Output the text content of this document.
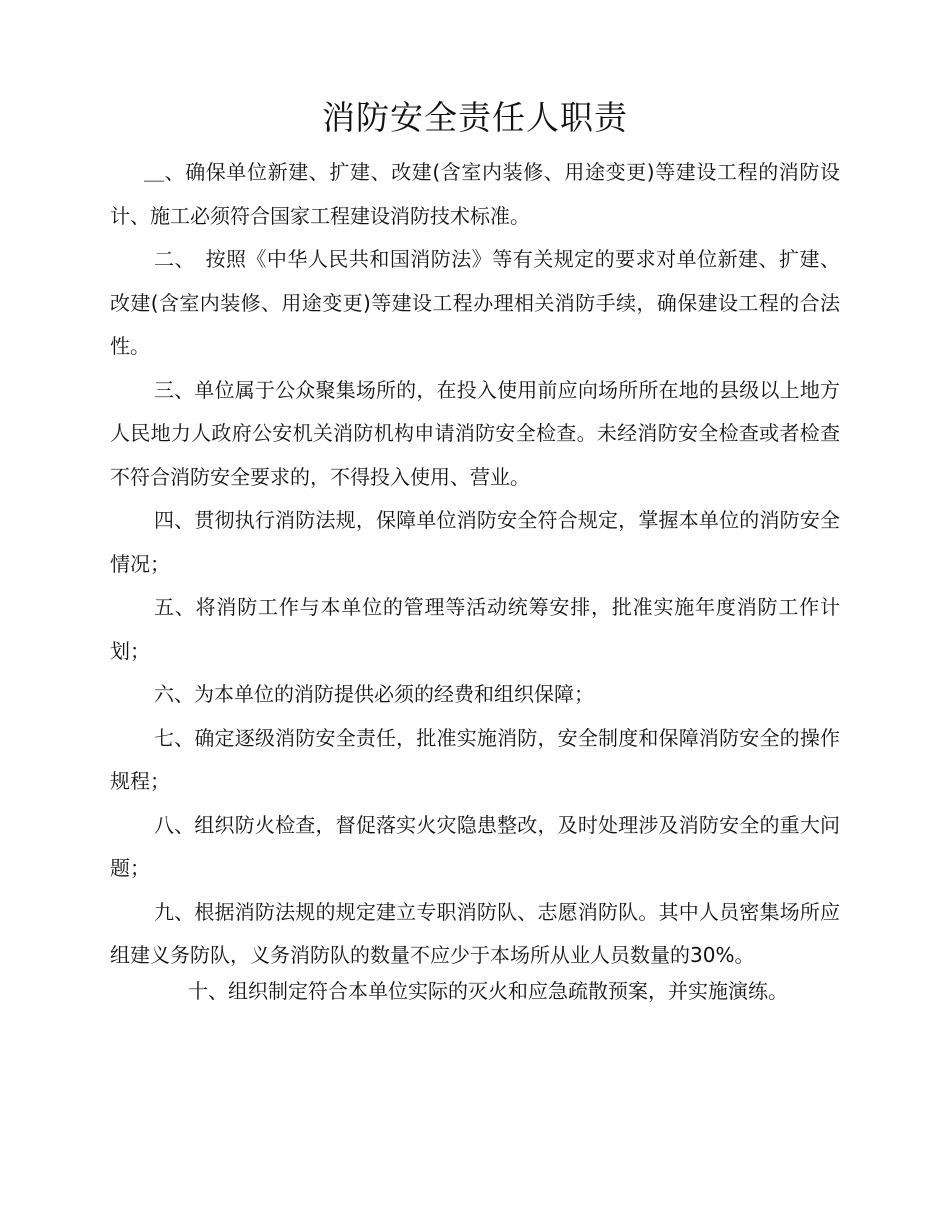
消防安全责任人职责

＿、确保单位新建、扩建、改建(含室内装修、用途变更)等建设工程的消防设计、施工必须符合国家工程建设消防技术标准。

二、　按照《中华人民共和国消防法》等有关规定的要求对单位新建、扩建、改建(含室内装修、用途变更)等建设工程办理相关消防手续，确保建设工程的合法性。

三、单位属于公众聚集场所的，在投入使用前应向场所所在地的县级以上地方人民地力人政府公安机关消防机构申请消防安全检查。未经消防安全检查或者检查不符合消防安全要求的，不得投入使用、营业。

四、贯彻执行消防法规，保障单位消防安全符合规定，掌握本单位的消防安全情况；

五、将消防工作与本单位的管理等活动统筹安排，批准实施年度消防工作计划；

六、为本单位的消防提供必须的经费和组织保障；

七、确定逐级消防安全责任，批准实施消防，安全制度和保障消防安全的操作规程；

八、组织防火检查，督促落实火灾隐患整改，及时处理涉及消防安全的重大问题；

九、根据消防法规的规定建立专职消防队、志愿消防队。其中人员密集场所应组建义务防队，义务消防队的数量不应少于本场所从业人员数量的30%。

十、组织制定符合本单位实际的灭火和应急疏散预案，并实施演练。
